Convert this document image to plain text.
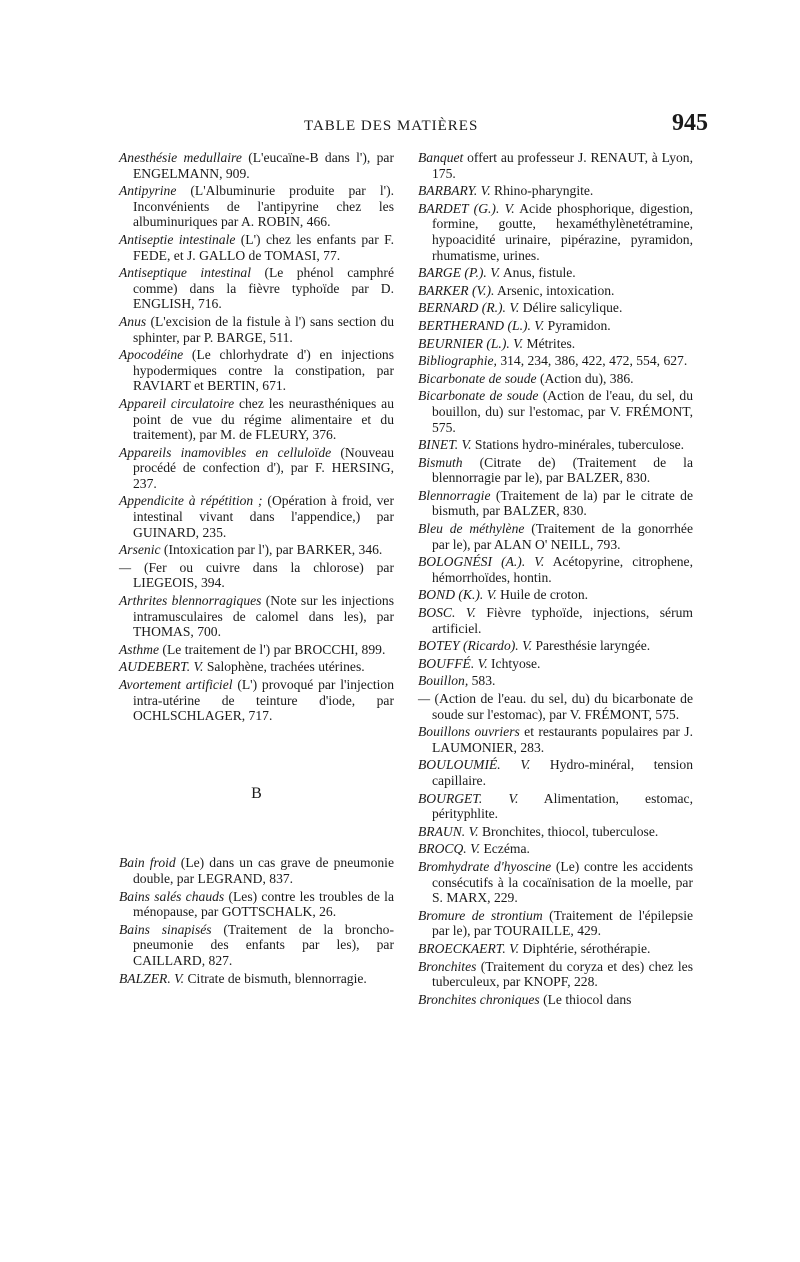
TABLE DES MATIÈRES	945

Anesthésie medullaire (L'eucaïne-B dans l'), par ENGELMANN, 909.

Antipyrine (L'Albuminurie produite par l'). Inconvénients de l'antipyrine chez les albuminuriques par A. ROBIN, 466.

Antiseptie intestinale (L') chez les enfants par F. FEDE, et J. GALLO de TOMASI, 77.

Antiseptique intestinal (Le phénol camphré comme) dans la fièvre typhoïde par D. ENGLISH, 716.

Anus (L'excision de la fistule à l') sans section du sphinter, par P. BARGE, 511.

Apocodéine (Le chlorhydrate d') en injections hypodermiques contre la constipation, par RAVIART et BERTIN, 671.

Appareil circulatoire chez les neurasthéniques au point de vue du régime alimentaire et du traitement), par M. de FLEURY, 376.

Appareils inamovibles en celluloïde (Nouveau procédé de confection d'), par F. HERSING, 237.

Appendicite à répétition ; (Opération à froid, ver intestinal vivant dans l'appendice,) par GUINARD, 235.

Arsenic (Intoxication par l'), par BARKER, 346.

— (Fer ou cuivre dans la chlorose) par LIEGEOIS, 394.

Arthrites blennorragiques (Note sur les injections intramusculaires de calomel dans les), par THOMAS, 700.

Asthme (Le traitement de l') par BROCCHI, 899.

AUDEBERT. V. Salophène, trachées utérines.

Avortement artificiel (L') provoqué par l'injection intra-utérine de teinture d'iode, par OCHLSCHLAGER, 717.

B

Bain froid (Le) dans un cas grave de pneumonie double, par LEGRAND, 837.

Bains salés chauds (Les) contre les troubles de la ménopause, par GOTTSCHALK, 26.

Bains sinapisés (Traitement de la broncho-pneumonie des enfants par les), par CAILLARD, 827.

BALZER. V. Citrate de bismuth, blennorragie.

Banquet offert au professeur J. RENAUT, à Lyon, 175.

BARBARY. V. Rhino-pharyngite.

BARDET (G.). V. Acide phosphorique, digestion, formine, goutte, hexaméthylènetétramine, hypoacidité urinaire, pipérazine, pyramidon, rhumatisme, urines.

BARGE (P.). V. Anus, fistule.

BARKER (V.). Arsenic, intoxication.

BERNARD (R.). V. Délire salicylique.

BERTHERAND (L.). V. Pyramidon.

BEURNIER (L.). V. Métrites.

Bibliographie, 314, 234, 386, 422, 472, 554, 627.

Bicarbonate de soude (Action du), 386.

Bicarbonate de soude (Action de l'eau, du sel, du bouillon, du) sur l'estomac, par V. FRÉMONT, 575.

BINET. V. Stations hydro-minérales, tuberculose.

Bismuth (Citrate de) (Traitement de la blennorragie par le), par BALZER, 830.

Blennorragie (Traitement de la) par le citrate de bismuth, par BALZER, 830.

Bleu de méthylène (Traitement de la gonorrhée par le), par ALAN O' NEILL, 793.

BOLOGNÉSI (A.). V. Acétopyrine, citrophene, hémorrhoïdes, hontin.

BOND (K.). V. Huile de croton.

BOSC. V. Fièvre typhoïde, injections, sérum artificiel.

BOTEY (Ricardo). V. Paresthésie laryngée.

BOUFFÉ. V. Ichtyose.

Bouillon, 583.

— (Action de l'eau. du sel, du) du bicarbonate de soude sur l'estomac), par V. FRÉMONT, 575.

Bouillons ouvriers et restaurants populaires par J. LAUMONIER, 283.

BOULOUMIÉ. V. Hydro-minéral, tension capillaire.

BOURGET. V. Alimentation, estomac, pérityphlite.

BRAUN. V. Bronchites, thiocol, tuberculose.

BROCQ. V. Eczéma.

Bromhydrate d'hyoscine (Le) contre les accidents consécutifs à la cocaïnisation de la moelle, par S. MARX, 229.

Bromure de strontium (Traitement de l'épilepsie par le), par TOURAILLE, 429.

BROECKAERT. V. Diphtérie, sérothérapie.

Bronchites (Traitement du coryza et des) chez les tuberculeux, par KNOPF, 228.

Bronchites chroniques (Le thiocol dans
